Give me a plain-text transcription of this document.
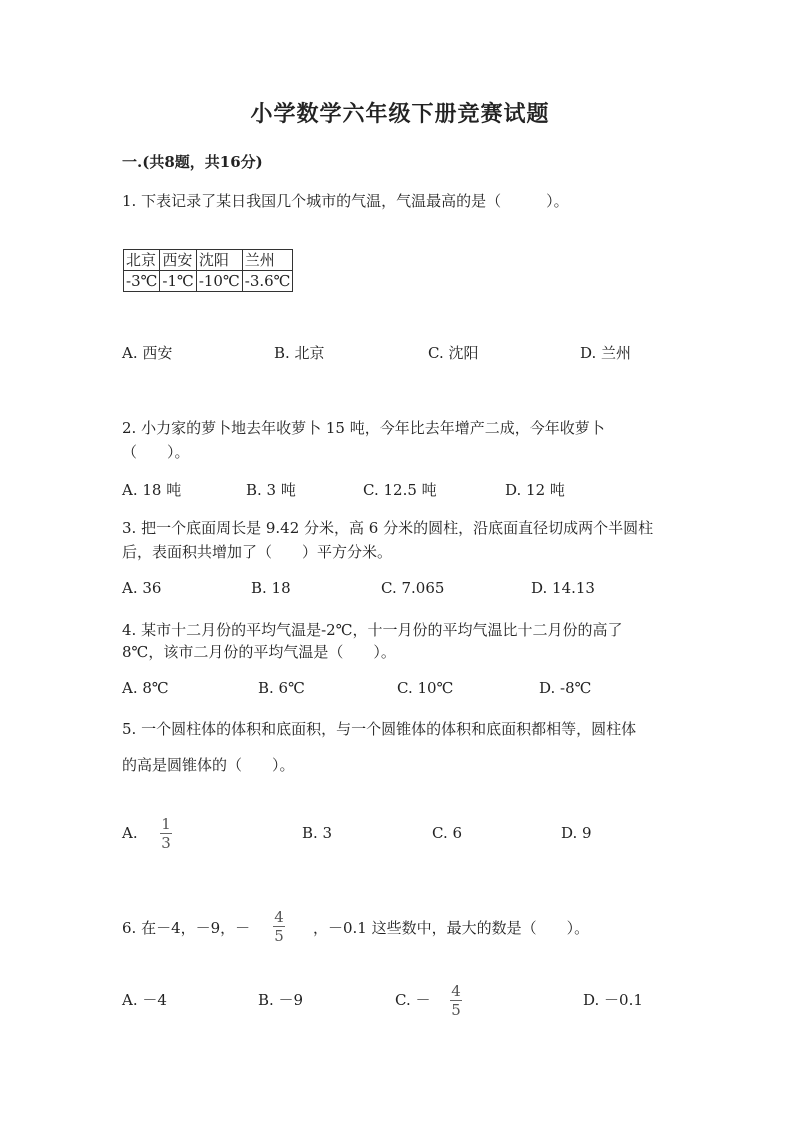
小学数学六年级下册竞赛试题
一.(共8题，共16分)
1. 下表记录了某日我国几个城市的气温，气温最高的是（　　　）。
北京	西安	沈阳	兰州
-3℃	-1℃	-10℃	-3.6℃
A. 西安	B. 北京	C. 沈阳	D. 兰州
2. 小力家的萝卜地去年收萝卜 15 吨，今年比去年增产二成，今年收萝卜
（　　）。
A. 18 吨	B. 3 吨	C. 12.5 吨	D. 12 吨
3. 把一个底面周长是 9.42 分米，高 6 分米的圆柱，沿底面直径切成两个半圆柱
后，表面积共增加了（　　）平方分米。
A. 36	B. 18	C. 7.065	D. 14.13
4. 某市十二月份的平均气温是-2℃，十一月份的平均气温比十二月份的高了
8℃，该市二月份的平均气温是（　　）。
A. 8℃	B. 6℃	C. 10℃	D. -8℃
5. 一个圆柱体的体积和底面积，与一个圆锥体的体积和底面积都相等，圆柱体
的高是圆锥体的（　　）。
A. 1
3
B. 3	C. 6	D. 9
6. 在－4，－9，－
4
5 ，－0.1 这些数中，最大的数是（　　）。
A. －4	B. －9	C. － 4
5
D. －0.1
